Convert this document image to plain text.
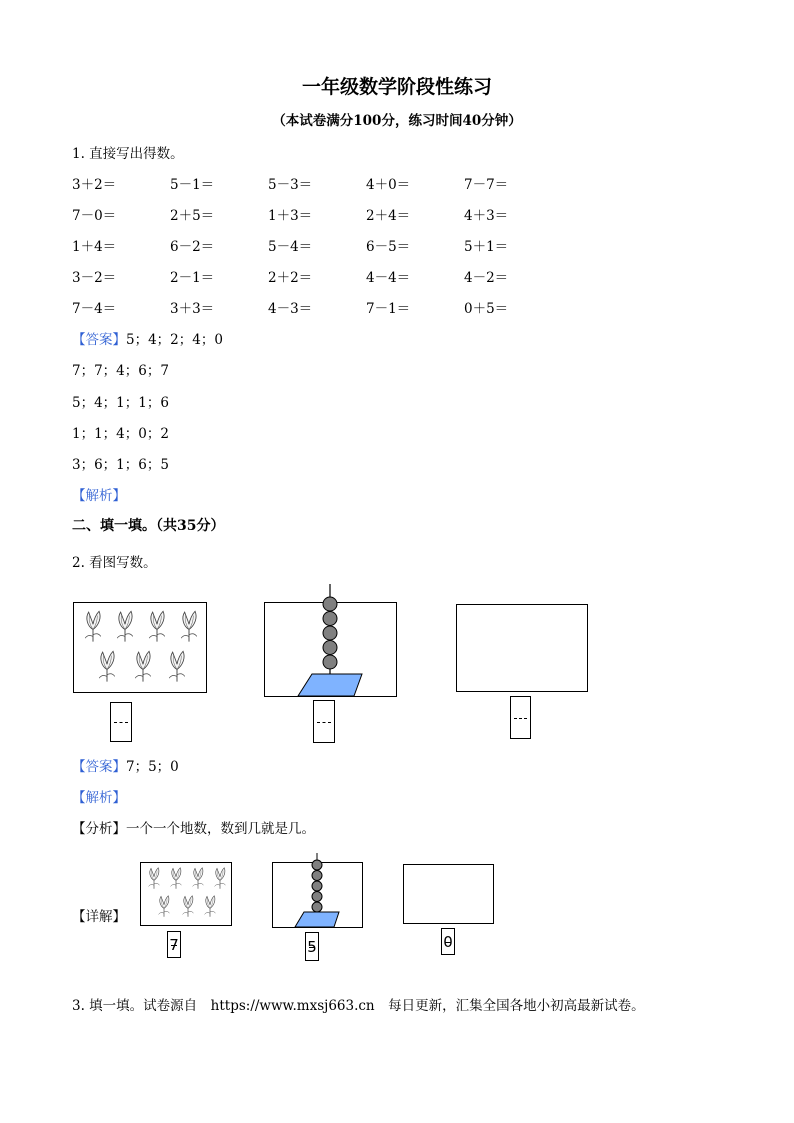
一年级数学阶段性练习
（本试卷满分100分，练习时间40分钟）
1. 直接写出得数。
3＋2＝	5－1＝	5－3＝	4＋0＝	7－7＝
7－0＝	2＋5＝	1＋3＝	2＋4＝	4＋3＝
1＋4＝	6－2＝	5－4＝	6－5＝	5＋1＝
3－2＝	2－1＝	2＋2＝	4－4＝	4－2＝
7－4＝	3＋3＝	4－3＝	7－1＝	0＋5＝
【答案】5；4；2；4；0
7；7；4；6；7
5；4；1；1；6
1；1；4；0；2
3；6；1；6；5
【解析】
二、填一填。（共35分）
2. 看图写数。
【答案】7；5；0
【解析】
【分析】一个一个地数，数到几就是几。
【详解】
7	5	0
3. 填一填。试卷源自　https://www.mxsj663.cn　每日更新，汇集全国各地小初高最新试卷。
